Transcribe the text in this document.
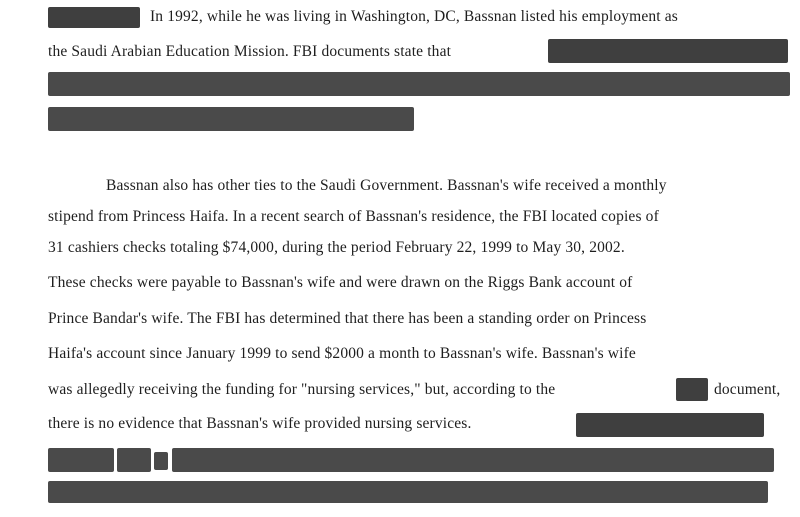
In 1992, while he was living in Washington, DC, Bassnan listed his employment as
the Saudi Arabian Education Mission. FBI documents state that
Bassnan also has other ties to the Saudi Government. Bassnan's wife received a monthly
stipend from Princess Haifa. In a recent search of Bassnan's residence, the FBI located copies of
31 cashiers checks totaling $74,000, during the period February 22, 1999 to May 30, 2002.
These checks were payable to Bassnan's wife and were drawn on the Riggs Bank account of
Prince Bandar's wife. The FBI has determined that there has been a standing order on Princess
Haifa's account since January 1999 to send $2000 a month to Bassnan's wife. Bassnan's wife
was allegedly receiving the funding for "nursing services," but, according to the	document,
there is no evidence that Bassnan's wife provided nursing services.
